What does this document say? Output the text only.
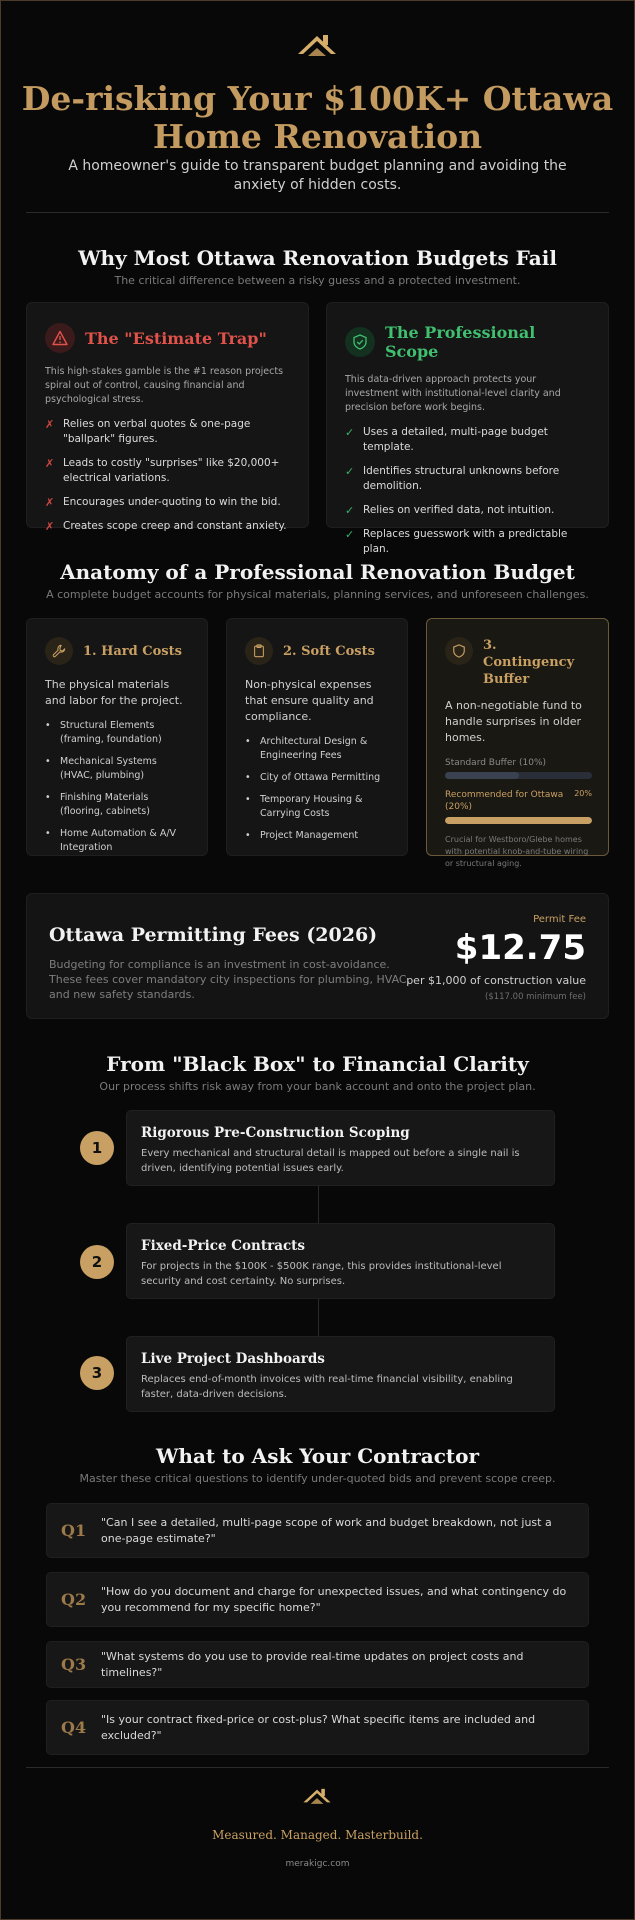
De-risking Your $100K+ Ottawa Home Renovation

A homeowner's guide to transparent budget planning and avoiding the anxiety of hidden costs.

Why Most Ottawa Renovation Budgets Fail

The critical difference between a risky guess and a protected investment.

The "Estimate Trap"

This high-stakes gamble is the #1 reason projects spiral out of control, causing financial and psychological stress.

✗ Relies on verbal quotes & one-page "ballpark" figures.
✗ Leads to costly "surprises" like $20,000+ electrical variations.
✗ Encourages under-quoting to win the bid.
✗ Creates scope creep and constant anxiety.
The Professional Scope

This data-driven approach protects your investment with institutional-level clarity and precision before work begins.

✓ Uses a detailed, multi-page budget template.
✓ Identifies structural unknowns before demolition.
✓ Relies on verified data, not intuition.
✓ Replaces guesswork with a predictable plan.
Anatomy of a Professional Renovation Budget

A complete budget accounts for physical materials, planning services, and unforeseen challenges.

1. Hard Costs

The physical materials and labor for the project.

• Structural Elements (framing, foundation)
• Mechanical Systems (HVAC, plumbing)
• Finishing Materials (flooring, cabinets)
• Home Automation & A/V Integration
2. Soft Costs

Non-physical expenses that ensure quality and compliance.

• Architectural Design & Engineering Fees
• City of Ottawa Permitting
• Temporary Housing & Carrying Costs
• Project Management
3. Contingency Buffer

A non-negotiable fund to handle surprises in older homes.

Standard Buffer (10%)
Recommended for Ottawa (20%)
20%

Crucial for Westboro/Glebe homes with potential knob-and-tube wiring or structural aging.

Ottawa Permitting Fees (2026)

Budgeting for compliance is an investment in cost-avoidance. These fees cover mandatory city inspections for plumbing, HVAC, and new safety standards.

Permit Fee
$12.75
per $1,000 of construction value
($117.00 minimum fee)
From "Black Box" to Financial Clarity

Our process shifts risk away from your bank account and onto the project plan.

1
Rigorous Pre-Construction Scoping

Every mechanical and structural detail is mapped out before a single nail is driven, identifying potential issues early.

2
Fixed-Price Contracts

For projects in the $100K - $500K range, this provides institutional-level security and cost certainty. No surprises.

3
Live Project Dashboards

Replaces end-of-month invoices with real-time financial visibility, enabling faster, data-driven decisions.

What to Ask Your Contractor

Master these critical questions to identify under-quoted bids and prevent scope creep.

Q1	"Can I see a detailed, multi-page scope of work and budget breakdown, not just a one-page estimate?"
Q2	"How do you document and charge for unexpected issues, and what contingency do you recommend for my specific home?"
Q3	"What systems do you use to provide real-time updates on project costs and timelines?"
Q4	"Is your contract fixed-price or cost-plus? What specific items are included and excluded?"
Measured. Managed. Masterbuild.
merakigc.com
